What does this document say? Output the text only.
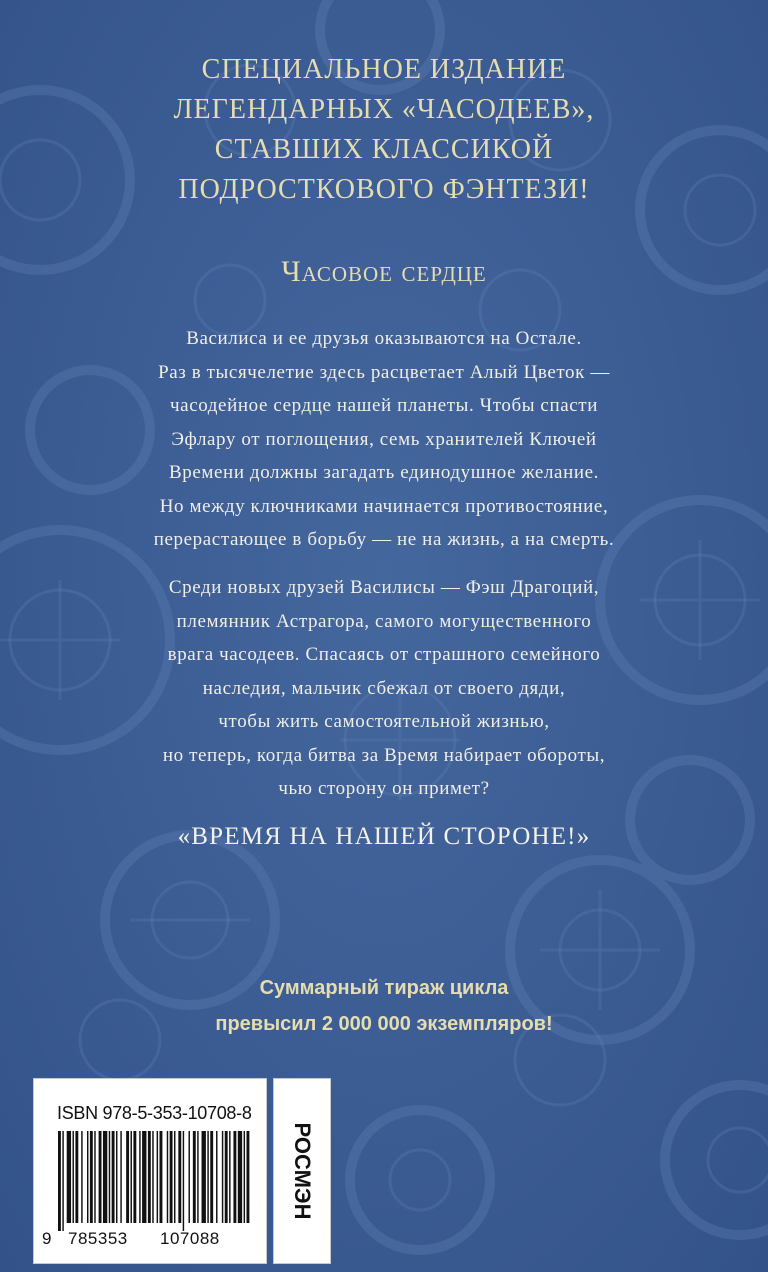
СПЕЦИАЛЬНОЕ ИЗДАНИЕ
ЛЕГЕНДАРНЫХ «ЧАСОДЕЕВ»,
СТАВШИХ КЛАССИКОЙ
ПОДРОСТКОВОГО ФЭНТЕЗИ!
Часовое сердце
Василиса и ее друзья оказываются на Остале.
Раз в тысячелетие здесь расцветает Алый Цветок —
часодейное сердце нашей планеты. Чтобы спасти
Эфлару от поглощения, семь хранителей Ключей
Времени должны загадать единодушное желание.
Но между ключниками начинается противостояние,
перерастающее в борьбу — не на жизнь, а на смерть.
Среди новых друзей Василисы — Фэш Драгоций,
племянник Астрагора, самого могущественного
врага часодеев. Спасаясь от страшного семейного
наследия, мальчик сбежал от своего дяди,
чтобы жить самостоятельной жизнью,
но теперь, когда битва за Время набирает обороты,
чью сторону он примет?
«ВРЕМЯ НА НАШЕЙ СТОРОНЕ!»
Суммарный тираж цикла
превысил 2 000 000 экземпляров!
ISBN 978-5-353-10708-8
9 785353 107088
РОСМЭН
